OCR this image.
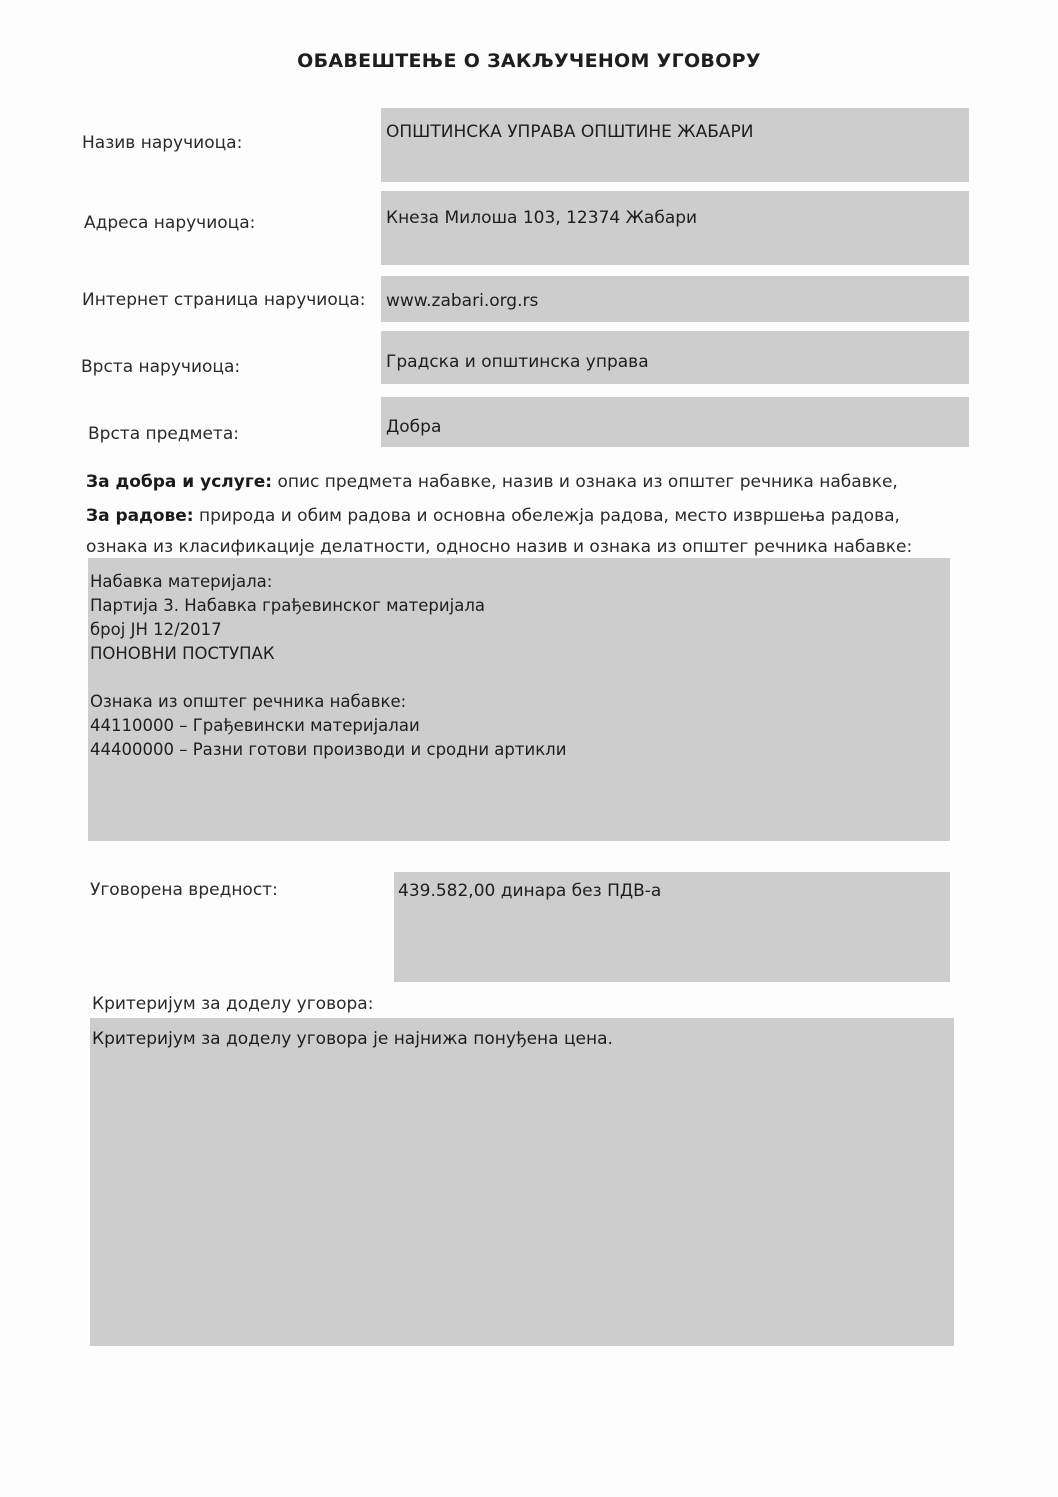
ОБАВЕШТЕЊЕ О ЗАКЉУЧЕНОМ УГОВОРУ
Назив наручиоца:
ОПШТИНСКА УПРАВА ОПШТИНЕ ЖАБАРИ
Адреса наручиоца:	Кнеза Милоша 103, 12374 Жабари
Интернет страница наручиоца: www.zabari.org.rs
Врста наручиоца:	Градска и општинска управа
Врста предмета:	Добра
За добра и услуге: опис предмета набавке, назив и ознака из општег речника набавке,
За радове: природа и обим радова и основна обележја радова, место извршења радова,
ознака из класификације делатности, односно назив и ознака из општег речника набавке:
Набавка материјала:
Партија 3. Набавка грађевинског материјала
број ЈН 12/2017
ПОНОВНИ ПОСТУПАК
Ознака из општег речника набавке:
44110000 – Грађевински материјалаи
44400000 – Разни готови производи и сродни артикли
Уговорена вредност:	439.582,00 динара без ПДВ-а
Критеријум за доделу уговора:
Критеријум за доделу уговора је најнижа понуђена цена.
